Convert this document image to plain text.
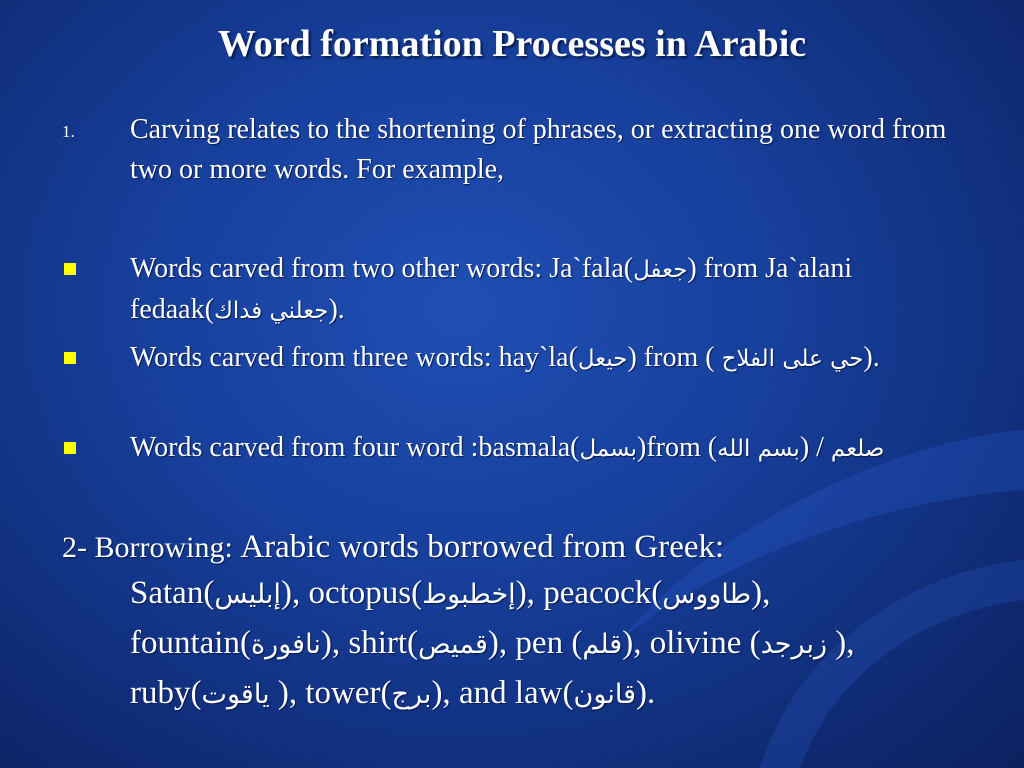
Word formation Processes in Arabic
1. Carving relates to the shortening of phrases, or extracting one word from two or more words. For example,
Words carved from two other words: Ja`fala(جعفل) from Ja`alani fedaak(جعلني فداك).
Words carved from three words: hay`la(حيعل) from ( حي على الفلاح).
Words carved from four word :basmala(بسمل)from (بسم الله) / صلعم
2- Borrowing: Arabic words borrowed from Greek:
Satan(إبليس), octopus(إخطبوط), peacock(طاووس),
fountain(نافورة), shirt(قميص), pen (قلم), olivine (زبرجد ),
ruby(ياقوت ), tower(برج), and law(قانون).
